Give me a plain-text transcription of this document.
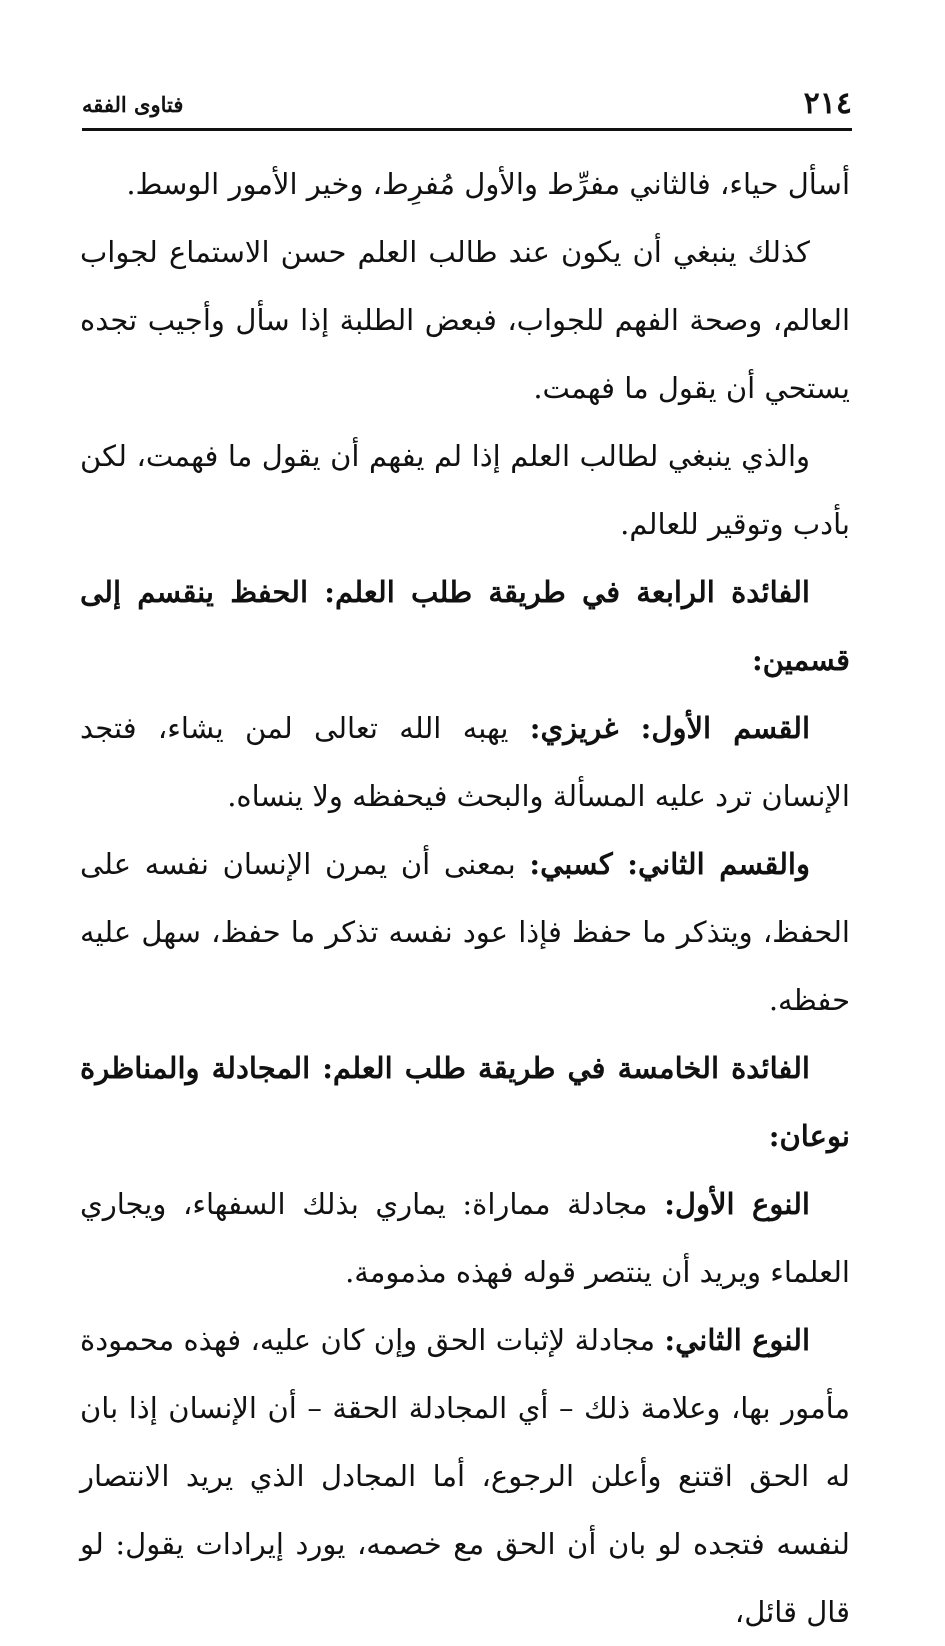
٢١٤
فتاوى الفقه

أسأل حياء، فالثاني مفرِّط والأول مُفرِط، وخير الأمور الوسط.

كذلك ينبغي أن يكون عند طالب العلم حسن الاستماع لجواب العالم، وصحة الفهم للجواب، فبعض الطلبة إذا سأل وأجيب تجده يستحي أن يقول ما فهمت.

والذي ينبغي لطالب العلم إذا لم يفهم أن يقول ما فهمت، لكن بأدب وتوقير للعالم.

الفائدة الرابعة في طريقة طلب العلم: الحفظ ينقسم إلى قسمين:

القسم الأول: غريزي: يهبه الله تعالى لمن يشاء، فتجد الإنسان ترد عليه المسألة والبحث فيحفظه ولا ينساه.

والقسم الثاني: كسبي: بمعنى أن يمرن الإنسان نفسه على الحفظ، ويتذكر ما حفظ فإذا عود نفسه تذكر ما حفظ، سهل عليه حفظه.

الفائدة الخامسة في طريقة طلب العلم: المجادلة والمناظرة نوعان:

النوع الأول: مجادلة مماراة: يماري بذلك السفهاء، ويجاري العلماء ويريد أن ينتصر قوله فهذه مذمومة.

النوع الثاني: مجادلة لإثبات الحق وإن كان عليه، فهذه محمودة مأمور بها، وعلامة ذلك – أي المجادلة الحقة – أن الإنسان إذا بان له الحق اقتنع وأعلن الرجوع، أما المجادل الذي يريد الانتصار لنفسه فتجده لو بان أن الحق مع خصمه، يورد إيرادات يقول: لو قال قائل،
